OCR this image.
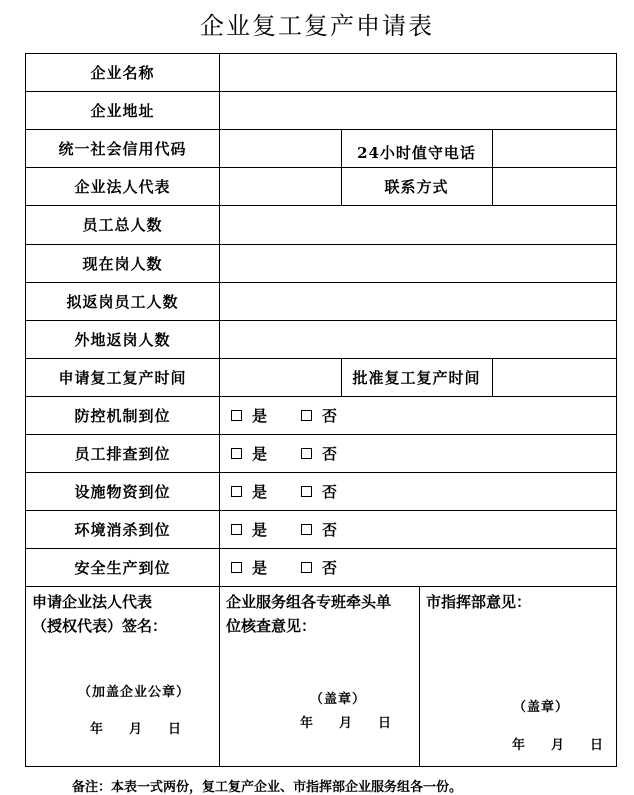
企业复工复产申请表
企业名称
企业地址
统一社会信用代码	24小时值守电话
企业法人代表	联系方式
员工总人数
现在岗人数
拟返岗员工人数
外地返岗人数
申请复工复产时间	批准复工复产时间
防控机制到位	是	否
员工排查到位	是	否
设施物资到位	是	否
环境消杀到位	是	否
安全生产到位	是	否
申请企业法人代表
（授权代表）签名：
（加盖企业公章）
年 月 日
企业服务组各专班牵头单
位核查意见：
（盖章）
年 月 日
市指挥部意见：
（盖章）
年 月 日
备注：本表一式两份，复工复产企业、市指挥部企业服务组各一份。
